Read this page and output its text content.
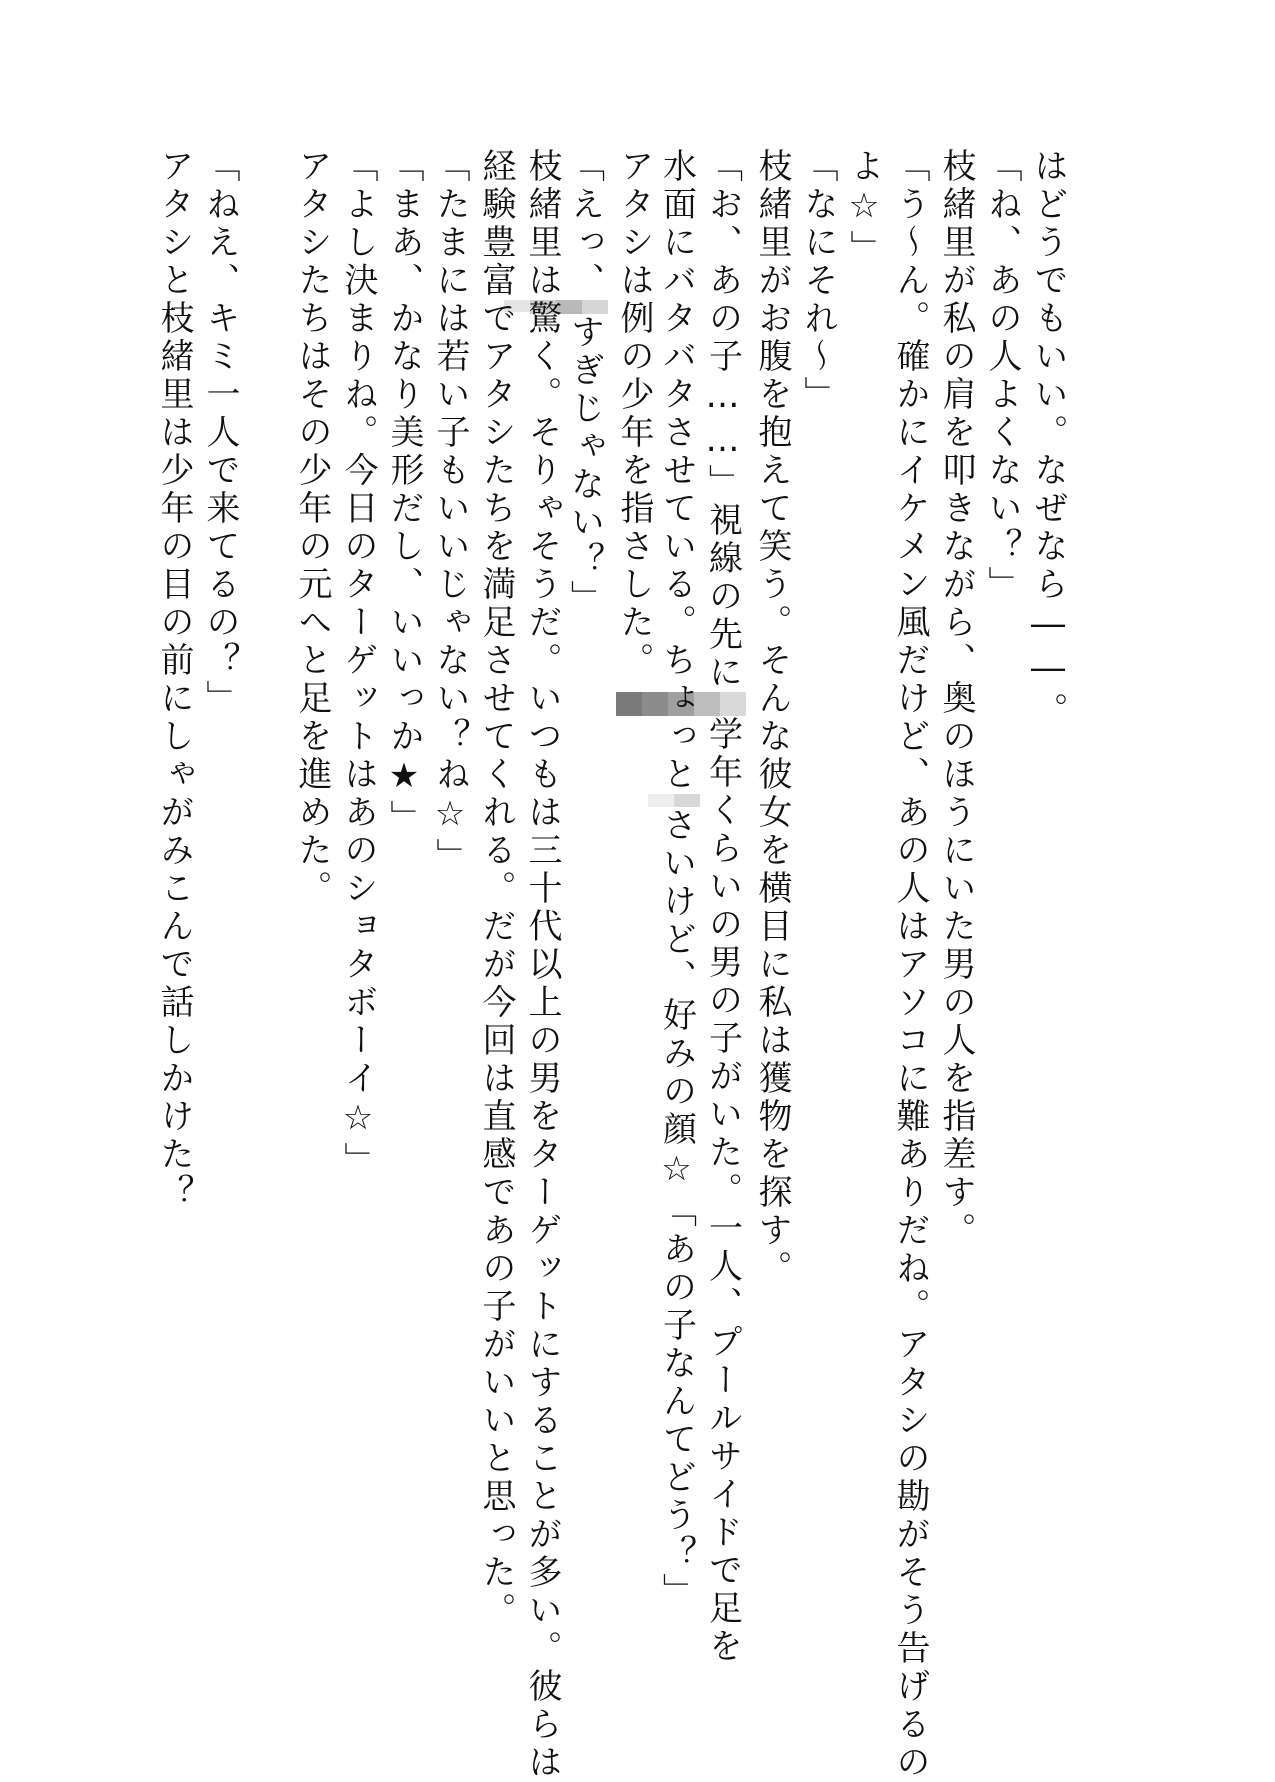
はどうでもいい。なぜなら――。
「ね、あの人よくない？」
枝緒里が私の肩を叩きながら、奥のほうにいた男の人を指差す。
「う～ん。確かにイケメン風だけど、あの人はアソコに難ありだね。アタシの勘がそう告げるの
よ☆」
「なにそれ～」
枝緒里がお腹を抱えて笑う。そんな彼女を横目に私は獲物を探す。
「お、あの子……」視線の先に
学年くらいの男の子がいた。一人、プールサイドで足を
水面にバタバタさせている。ちょっと
さいけど、好みの顔☆「あの子なんてどう？」
アタシは例の少年を指さした。
「えっ、
すぎじゃない？」
枝緒里は驚く。そりゃそうだ。いつもは三十代以上の男をターゲットにすることが多い。彼らは
経験豊富でアタシたちを満足させてくれる。だが今回は直感であの子がいいと思った。
「たまには若い子もいいじゃない？ね☆」
「まあ、かなり美形だし、いいっか★」
「よし決まりね。今日のターゲットはあのショタボーイ☆」
アタシたちはその少年の元へと足を進めた。
「ねえ、キミ一人で来てるの？」
アタシと枝緒里は少年の目の前にしゃがみこんで話しかけた？
